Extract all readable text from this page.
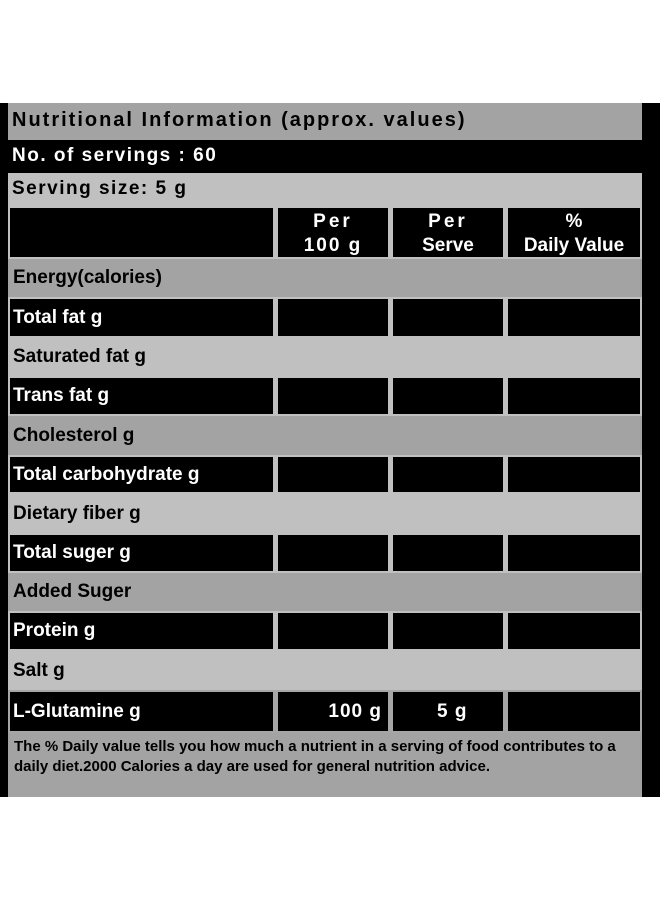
Nutritional Information (approx. values)
No. of servings : 60
Serving size: 5 g
Per
100 g
Per
Serve
%
Daily Value
Energy(calories)
Total fat g
Saturated fat g
Trans fat g
Cholesterol g
Total carbohydrate g
Dietary fiber g
Total suger g
Added Suger
Protein g
Salt g
L-Glutamine g	100 g	5 g
The % Daily value tells you how much a nutrient in a serving of food contributes to a daily diet.2000 Calories a day are used for general nutrition advice.
